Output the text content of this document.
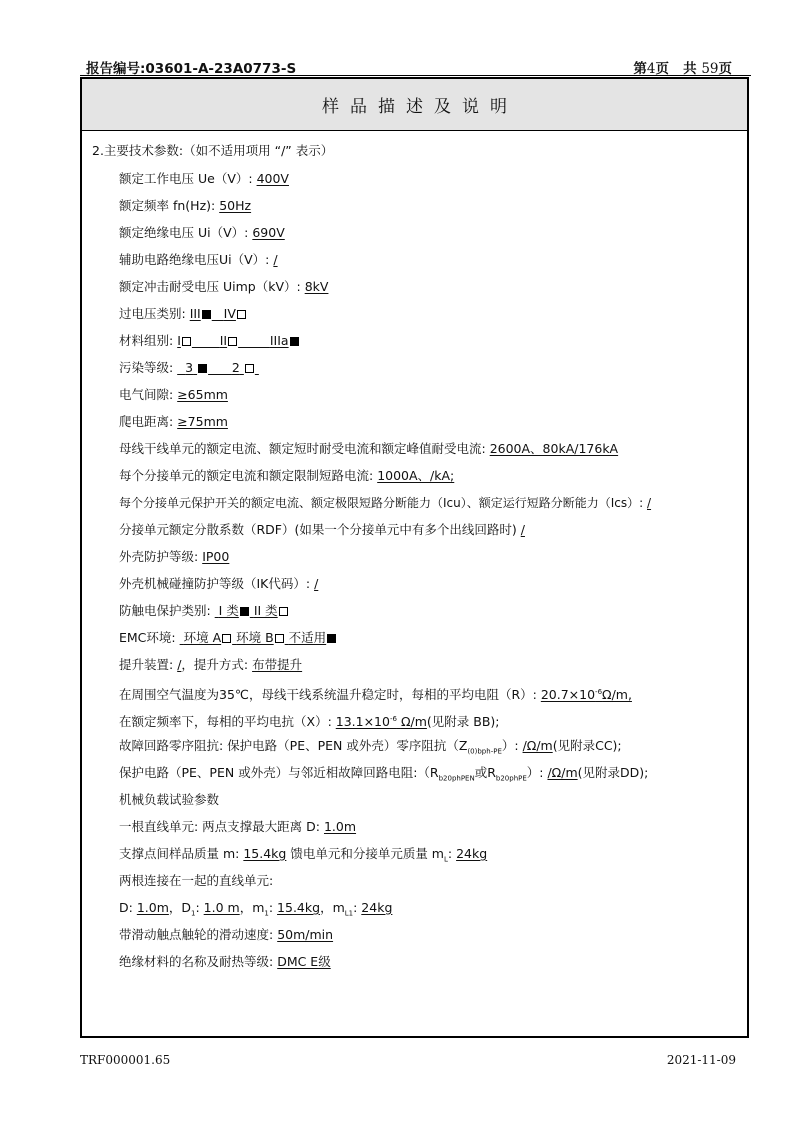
报告编号:03601-A-23A0773-S	第4页 共 59页
样品描述及说明
2.主要技术参数:（如不适用项用 “/” 表示）
额定工作电压 Ue（V）: 400V
额定频率 fn(Hz): 50Hz
额定绝缘电压 Ui（V）: 690V
辅助电路绝缘电压Ui（V）: /
额定冲击耐受电压 Uimp（kV）: 8kV
过电压类别: III IV
材料组别: I	II	IIIa
污染等级:   3	2
电气间隙: ≥65mm
爬电距离: ≥75mm
母线干线单元的额定电流、额定短时耐受电流和额定峰值耐受电流: 2600A、80kA/176kA
每个分接单元的额定电流和额定限制短路电流: 1000A、/kA;
每个分接单元保护开关的额定电流、额定极限短路分断能力（Icu）、额定运行短路分断能力（Ics）: /
分接单元额定分散系数（RDF）(如果一个分接单元中有多个出线回路时) /
外壳防护等级: IP00
外壳机械碰撞防护等级（IK代码）: /
防触电保护类别:  I 类 II 类
EMC环境:  环境 A 环境 B 不适用
提升装置: /，提升方式: 布带提升
在周围空气温度为35℃，母线干线系统温升稳定时，每相的平均电阻（R）: $20.7\times 10^{-6}\Omega/m$,
在额定频率下，每相的平均电抗（X）: $13.1\times 10^{-6}$ Ω/m(见附录 BB);
故障回路零序阻抗: 保护电路（PE、PEN 或外壳）零序阻抗$(Z_{(0)bph-PE})$: /Ω/m(见附录CC);
保护电路（PE、PEN 或外壳）与邻近相故障回路电阻$:(R_{b20phPEN}$或$R_{b20phPE}$）: /Ω/m(见附录DD);
机械负载试验参数
一根直线单元: 两点支撑最大距离 D: 1.0m
支撑点间样品质量 m: 15.4kg 馈电单元和分接单元质量 $m_L$: 24kg
两根连接在一起的直线单元:
D: 1.0m，$D_1$: 1.0 m，$m_1$: 15.4kg，$m_{L1}$: 24kg
带滑动触点触轮的滑动速度: 50m/min
绝缘材料的名称及耐热等级: DMC E级
TRF000001.65	2021-11-09
